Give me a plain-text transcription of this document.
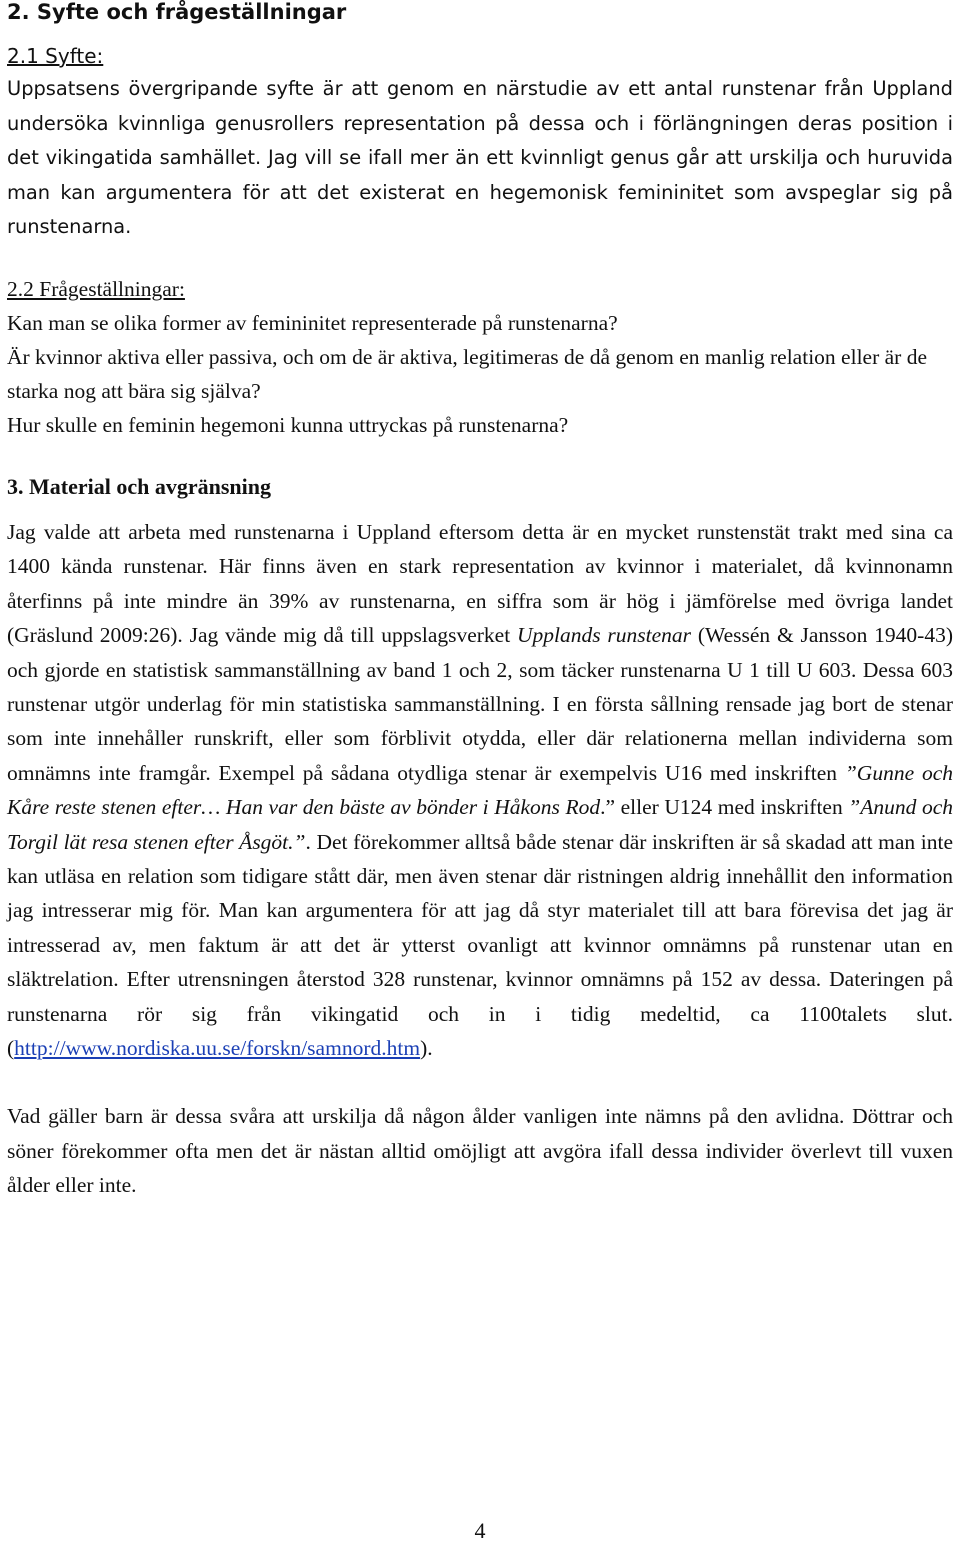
2. Syfte och frågeställningar
2.1 Syfte:

Uppsatsens övergripande syfte är att genom en närstudie av ett antal runstenar från Uppland undersöka kvinnliga genusrollers representation på dessa och i förlängningen deras position i det vikingatida samhället. Jag vill se ifall mer än ett kvinnligt genus går att urskilja och huruvida man kan argumentera för att det existerat en hegemonisk femininitet som avspeglar sig på runstenarna.

2.2 Frågeställningar:

Kan man se olika former av femininitet representerade på runstenarna?

Är kvinnor aktiva eller passiva, och om de är aktiva, legitimeras de då genom en manlig relation eller är de starka nog att bära sig själva?

Hur skulle en feminin hegemoni kunna uttryckas på runstenarna?

3. Material och avgränsning

Jag valde att arbeta med runstenarna i Uppland eftersom detta är en mycket runstenstät trakt med sina ca 1400 kända runstenar. Här finns även en stark representation av kvinnor i materialet, då kvinnonamn återfinns på inte mindre än 39% av runstenarna, en siffra som är hög i jämförelse med övriga landet (Gräslund 2009:26). Jag vände mig då till uppslagsverket Upplands runstenar (Wessén & Jansson 1940-43) och gjorde en statistisk sammanställning av band 1 och 2, som täcker runstenarna U 1 till U 603. Dessa 603 runstenar utgör underlag för min statistiska sammanställning. I en första sållning rensade jag bort de stenar som inte innehåller runskrift, eller som förblivit otydda, eller där relationerna mellan individerna som omnämns inte framgår. Exempel på sådana otydliga stenar är exempelvis U16 med inskriften ”Gunne och Kåre reste stenen efter… Han var den bäste av bönder i Håkons Rod.” eller U124 med inskriften ”Anund och Torgil lät resa stenen efter Åsgöt.”. Det förekommer alltså både stenar där inskriften är så skadad att man inte kan utläsa en relation som tidigare stått där, men även stenar där ristningen aldrig innehållit den information jag intresserar mig för. Man kan argumentera för att jag då styr materialet till att bara förevisa det jag är intresserad av, men faktum är att det är ytterst ovanligt att kvinnor omnämns på runstenar utan en släktrelation. Efter utrensningen återstod 328 runstenar, kvinnor omnämns på 152 av dessa. Dateringen på runstenarna rör sig från vikingatid och in i tidig medeltid, ca 1100talets slut. (http://www.nordiska.uu.se/forskn/samnord.htm).

Vad gäller barn är dessa svåra att urskilja då någon ålder vanligen inte nämns på den avlidna. Döttrar och söner förekommer ofta men det är nästan alltid omöjligt att avgöra ifall dessa individer överlevt till vuxen ålder eller inte.

4
